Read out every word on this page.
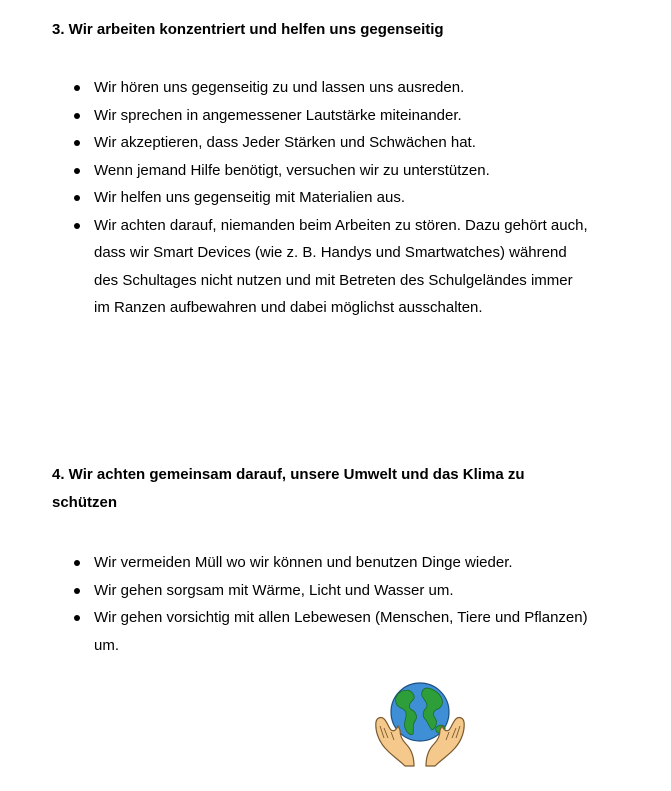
3. Wir arbeiten konzentriert und helfen uns gegenseitig
Wir hören uns gegenseitig zu und lassen uns ausreden.
Wir sprechen in angemessener Lautstärke miteinander.
Wir akzeptieren, dass Jeder Stärken und Schwächen hat.
Wenn jemand Hilfe benötigt, versuchen wir zu unterstützen.
Wir helfen uns gegenseitig mit Materialien aus.
Wir achten darauf, niemanden beim Arbeiten zu stören. Dazu gehört auch, dass wir Smart Devices (wie z. B. Handys und Smartwatches) während des Schultages nicht nutzen und mit Betreten des Schulgeländes immer im Ranzen aufbewahren und dabei möglichst ausschalten.
4. Wir achten gemeinsam darauf, unsere Umwelt und das Klima zu schützen
Wir vermeiden Müll wo wir können und benutzen Dinge wieder.
Wir gehen sorgsam mit Wärme, Licht und Wasser um.
Wir gehen vorsichtig mit allen Lebewesen (Menschen, Tiere und Pflanzen) um.
